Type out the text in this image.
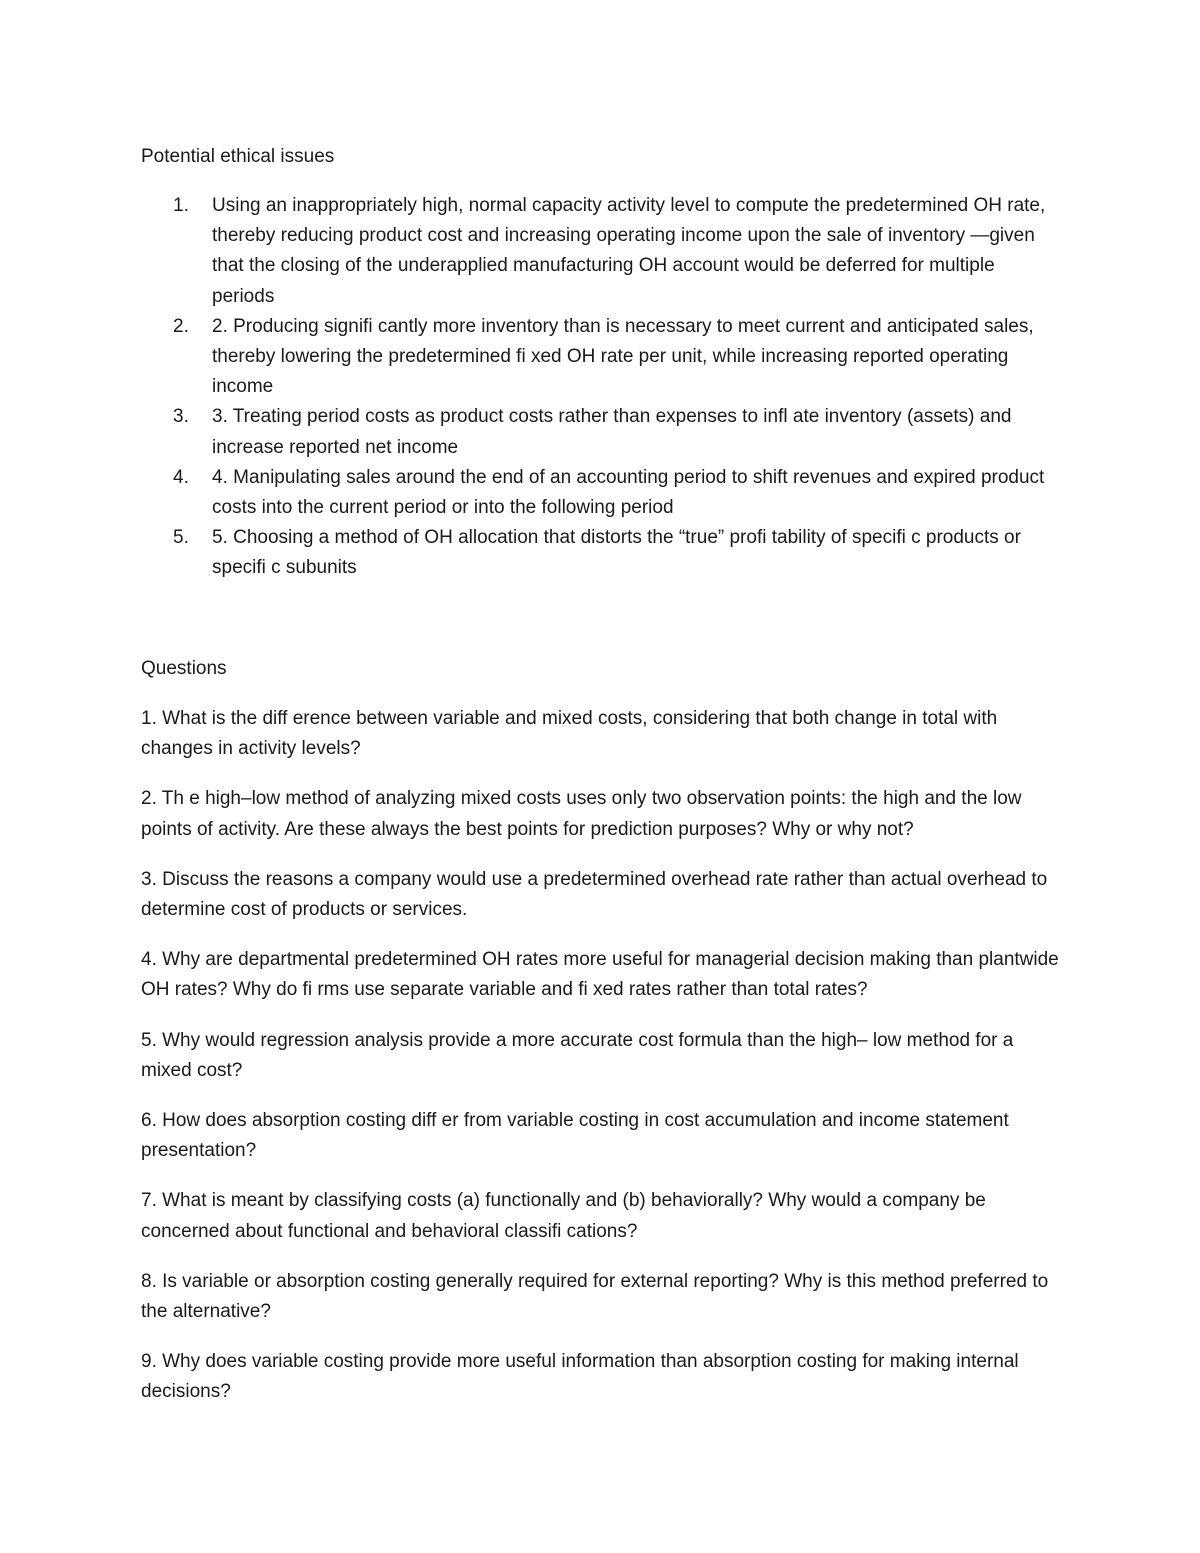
Potential ethical issues

1. Using an inappropriately high, normal capacity activity level to compute the predetermined OH rate, thereby reducing product cost and increasing operating income upon the sale of inventory —given that the closing of the underapplied manufacturing OH account would be deferred for multiple periods
2. 2. Producing signifi cantly more inventory than is necessary to meet current and anticipated sales, thereby lowering the predetermined fi xed OH rate per unit, while increasing reported operating income
3. 3. Treating period costs as product costs rather than expenses to infl ate inventory (assets) and increase reported net income
4. 4. Manipulating sales around the end of an accounting period to shift revenues and expired product costs into the current period or into the following period
5. 5. Choosing a method of OH allocation that distorts the “true” profi tability of specifi c products or specifi c subunits

Questions

1. What is the diff erence between variable and mixed costs, considering that both change in total with changes in activity levels?

2. Th e high–low method of analyzing mixed costs uses only two observation points: the high and the low points of activity. Are these always the best points for prediction purposes? Why or why not?

3. Discuss the reasons a company would use a predetermined overhead rate rather than actual overhead to determine cost of products or services.

4. Why are departmental predetermined OH rates more useful for managerial decision making than plantwide OH rates? Why do fi rms use separate variable and fi xed rates rather than total rates?

5. Why would regression analysis provide a more accurate cost formula than the high– low method for a mixed cost?

6. How does absorption costing diff er from variable costing in cost accumulation and income statement presentation?

7. What is meant by classifying costs (a) functionally and (b) behaviorally? Why would a company be concerned about functional and behavioral classifi cations?

8. Is variable or absorption costing generally required for external reporting? Why is this method preferred to the alternative?

9. Why does variable costing provide more useful information than absorption costing for making internal decisions?
